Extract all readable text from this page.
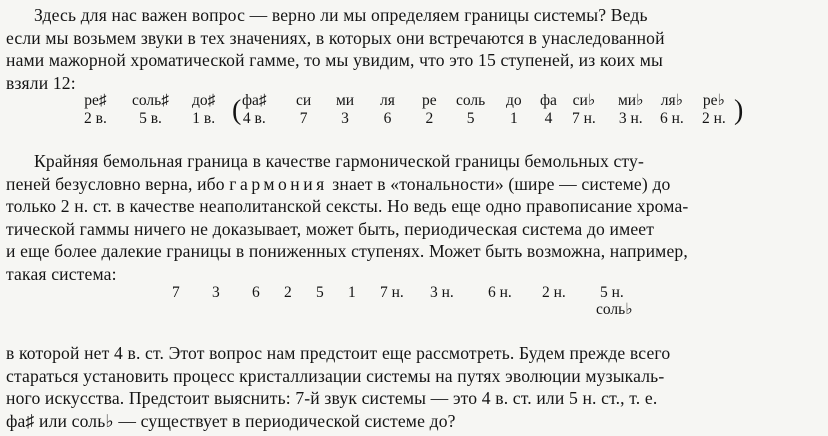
Здесь для нас важен вопрос — верно ли мы определяем границы системы? Ведь
если мы возьмем звуки в тех значениях, в которых они встречаются в унаследованной
нами мажорной хроматической гамме, то мы увидим, что это 15 ступеней, из коих мы
взяли 12:
ре♯
2 в.
соль♯
5 в.
до♯
1 в. ( фа♯
4 в.
си
7
ми
3
ля
6
ре
2
соль
5
до
1
фа
4
си♭
7 н.
ми♭
3 н.
ля♭
6 н.
ре♭
2 н. )
Крайняя бемольная граница в качестве гармонической границы бемольных сту-
пеней безусловно верна, ибо гармония знает в «тональности» (шире — системе) до
только 2 н. ст. в качестве неаполитанской сексты. Но ведь еще одно правописание хрома-
тической гаммы ничего не доказывает, может быть, периодическая система до имеет
и еще более далекие границы в пониженных ступенях. Может быть возможна, например,
такая система:
7 3 6 2 5 1 7 н. 3 н. 6 н. 2 н. 5 н.
соль♭
в которой нет 4 в. ст. Этот вопрос нам предстоит еще рассмотреть. Будем прежде всего
стараться установить процесс кристаллизации системы на путях эволюции музыкаль-
ного искусства. Предстоит выяснить: 7-й звук системы — это 4 в. ст. или 5 н. ст., т. е.
фа♯ или соль♭ — существует в периодической системе до?
